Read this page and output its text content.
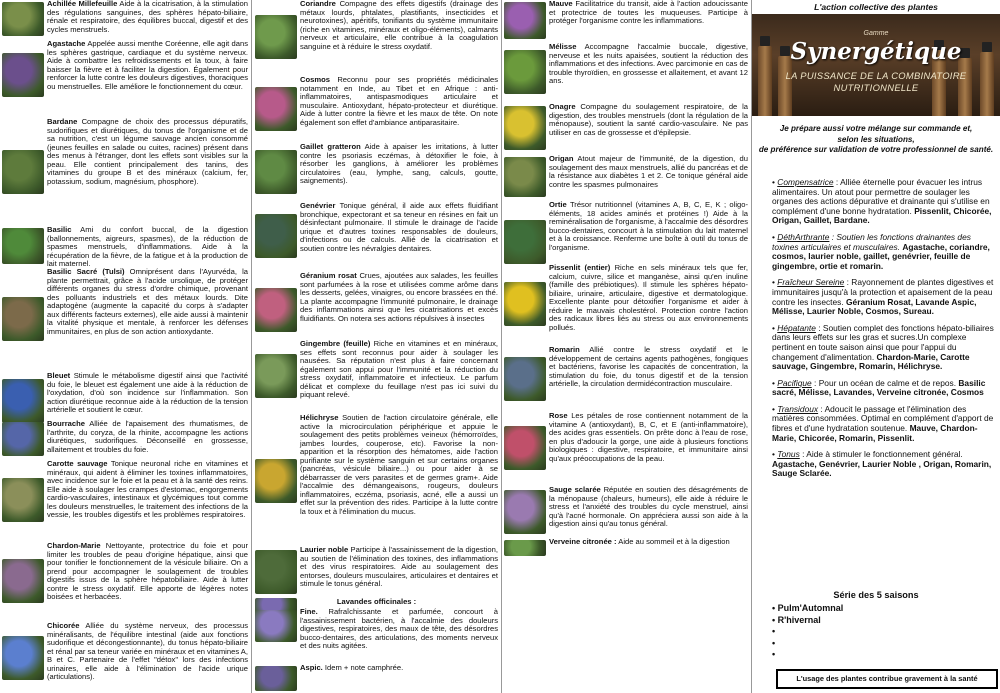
Achillée Millefeuille Aide à la cicatrisation, à la stimulation des régulations sanguines, des sphères hépato-biliaire, rénale et respiratoire, des équilibres buccal, digestif et des cycles menstruels.
Agastache Appelée aussi menthe Coréenne, elle agit dans les sphères gastrique, cardiaque et du système nerveux. Aide à combattre les refroidissements et la toux, à faire baisser la fièvre et à faciliter la digestion. Également pour renforcer la lutte contre les douleurs digestives, thoraciques ou menstruelles. Elle améliore le fonctionnement du cœur.
Bardane Compagne de choix des processus dépuratifs, sudorifiques et diurétiques, du tonus de l'organisme et de sa nutrition, c'est un légume sauvage ancien consommé (jeunes feuilles en salade ou cuites, racines) présent dans des menus à l'étranger, dont les effets sont visibles sur la peau. Elle contient principalement des tanins, des vitamines du groupe B et des minéraux (calcium, fer, potassium, sodium, magnésium, phosphore).
Basilic Ami du confort buccal, de la digestion (ballonnements, aigreurs, spasmes), de la réduction de spasmes menstruels, d'inflammations. Aide à la récupération de la fièvre, de la fatigue et à la production de lait maternel.
Basilic Sacré (Tulsi) Omniprésent dans l'Ayurvéda, la plante permettrait, grâce à l'acide ursolique, de protéger différents organes du stress d'ordre chimique, provenant des polluants industriels et des métaux lourds. Dite adaptogène (augmente la capacité du corps à s'adapter aux différents facteurs externes), elle aide aussi à maintenir la vitalité physique et mentale, à renforcer les défenses immunitaires, en plus de son action antioxydante.
Bleuet Stimule le métabolisme digestif ainsi que l'activité du foie, le bleuet est également une aide à la réduction de l'oxydation, d'où son incidence sur l'inflammation. Son action diurétique reconnue aide à la réduction de la tension artérielle et soutient le cœur.
Bourrache Alliée de l'apaisement des rhumatismes, de l'arthrite, du coryza, de la rhinite, accompagne les actions diurétiques, sudorifiques. Déconseillé en grossesse, allaitement et troubles du foie.
Carotte sauvage Tonique neuronal riche en vitamines et minéraux, qui aident à éliminer les toxines inflammatoires, avec incidence sur le foie et la peau et à la santé des reins. Elle aide à soulager les crampes d'estomac, engorgements cardio-vasculaires, intestinaux et glycémiques tout comme les douleurs menstruelles, le traitement des infections de la vessie, les troubles digestifs et les problèmes respiratoires.
Chardon-Marie Nettoyante, protectrice du foie et pour limiter les troubles de peau d'origine hépatique, ainsi que pour tonifier le fonctionnement de la vésicule biliaire. On a prend pour accompagner le soulagement de troubles digestifs issus de la sphère hépatobiliaire. Aide à lutter contre le stress oxydatif. Elle apporte de légères notes boisées et herbacées.
Chicorée Alliée du système nerveux, des processus minéralisants, de l'équilibre intestinal (aide aux fonctions sudorifique et décongestionnante), du tonus hépato-biliaire et rénal par sa teneur variée en minéraux et en vitamines A, B et C. Partenaire de l'effet "détox" lors des infections urinaires, elle aide à l'élimination de l'acide urique (articulations).
Coriandre Compagne des effets digestifs (drainage des métaux lourds, phtalates, plastifiants, insecticides et neurotoxines), apéritifs, tonifiants du système immunitaire (riche en vitamines, minéraux et oligo-éléments), calmants nerveux et articulaire, elle contribue à la coagulation sanguine et à réduire le stress oxydatif.
Cosmos Reconnu pour ses propriétés médicinales notamment en Inde, au Tibet et en Afrique : anti-inflammatoires, antispasmodiques articulaire et musculaire. Antioxydant, hépato-protecteur et diurétique. Aide à lutter contre la fièvre et les maux de tête. On note également son effet d'ambiance antiparasitaire.
Gaillet gratteron Aide à apaiser les irritations, à lutter contre les psoriasis eczémas, à détoxifier le foie, à résorber les ganglions, à améliorer les problèmes circulatoires (eau, lymphe, sang, calculs, goutte, saignements).
Genévrier Tonique général, il aide aux effets fluidifiant bronchique, expectorant et sa teneur en résines en fait un désinfectant pulmonaire. Il stimule le drainage de l'acide urique et d'autres toxines responsables de douleurs, d'infections ou de calculs. Allié de la cicatrisation et soutien contre les névralgies dentaires.
Géranium rosat Crues, ajoutées aux salades, les feuilles sont parfumées à la rose et utilisées comme arôme dans les desserts, gelées, vinaigres, ou encore brassées en thé. La plante accompagne l'immunité pulmonaire, le drainage des inflammations ainsi que les cicatrisations et excès fluidifiants. On notera ses actions répulsives à insectes
Gingembre (feuille) Riche en vitamines et en minéraux, ses effets sont reconnus pour aider à soulager les nausées. Sa réputation n'est plus à faire concernant également son appui pour l'immunité et la réduction du stress oxydatif, inflammatoire et infectieux. Le parfum délicat et complexe du feuillage n'est pas ici suivi du piquant relevé.
Hélichryse Soutien de l'action circulatoire générale, elle active la microcirculation périphérique et appuie le soulagement des petits problèmes veineux (hémorroïdes, jambes lourdes, couperose, etc). Favorise la non-apparition et la résorption des hématomes, aide l'action purifiante sur le système sanguin et sur certains organes (pancréas, vésicule biliaire...) ou pour aider à se débarrasser de vers parasites et de germes gram+. Aide l'accalmie des démangeaisons, rougeurs, douleurs inflammatoires, eczéma, psoriasis, acné, elle a aussi un effet sur la prévention des rides. Participe à la lutte contre la toux et à l'élimination du mucus.
Laurier noble Participe à l'assainissement de la digestion, au soutien de l'élimination des toxines, des inflammations et des virus respiratoires. Aide au soulagement des entorses, douleurs musculaires, articulaires et dentaires et stimule le tonus général.
Lavandes officinales :
Fine. Rafraîchissante et parfumée, concourt à l'assainissement bactérien, à l'accalmie des douleurs digestives, respiratoires, des maux de tête, des désordres bucco-dentaires, des articulations, des moments nerveux et des nuits agitées.
Aspic. Idem + note camphrée.
Mauve Facilitatrice du transit, aide à l'action adoucissante et protectrice de toutes les muqueuses. Participe à protéger l'organisme contre les inflammations.
Mélisse Accompagne l'accalmie buccale, digestive, nerveuse et les nuits apaisées, soutient la réduction des inflammations et des infections. Avec parcimonie en cas de trouble thyroïdien, en grossesse et allaitement, et avant 12 ans.
Onagre Compagne du soulagement respiratoire, de la digestion, des troubles menstruels (dont la régulation de la ménopause), soutient la santé cardio-vasculaire. Ne pas utiliser en cas de grossesse et d'épilepsie.
Origan Atout majeur de l'immunité, de la digestion, du soulagement des maux menstruels, allié du pancréas et de la résistance aux diabètes 1 et 2. Ce tonique général aide contre les spasmes pulmonaires
Ortie Trésor nutritionnel (vitamines A, B, C, E, K ; oligo-éléments, 18 acides aminés et protéines !) Aide à la reminéralisation de l'organisme, à l'accalmie des désordres bucco-dentaires, concourt à la stimulation du lait maternel et à la croissance. Renferme une boîte à outil du tonus de l'organisme.
Pissenlit (entier) Riche en sels minéraux tels que fer, calcium, cuivre, silice et manganèse, ainsi qu'en inuline (famille des prébiotiques). Il stimule les sphères hépato-biliaire, urinaire, articulaire, digestive et dermatologique. Excellente plante pour détoxifier l'organisme et aider à réduire le mauvais cholestérol. Protection contre l'action des radicaux libres liés au stress ou aux environnements pollués.
Romarin Allié contre le stress oxydatif et le développement de certains agents pathogènes, fongiques et bactériens, favorise les capacités de concentration, la stimulation du foie, du tonus digestif et de la tension artérielle, la circulation dermidécontraction musculaire.
Rose Les pétales de rose contiennent notamment de la vitamine A (antioxydant), B, C, et E (anti-inflammatoire), des acides gras essentiels. On prête donc à l'eau de rose, en plus d'adoucir la gorge, une aide à plusieurs fonctions biologiques : digestive, respiratoire, et immunitaire ainsi qu'aux préoccupations de la peau.
Sauge sclarée Réputée en soutien des désagréments de la ménopause (chaleurs, humeurs), elle aide à réduire le stress et l'anxiété des troubles du cycle menstruel, ainsi qu'à l'acné hormonale. On appréciera aussi son aide à la digestion ainsi qu'au tonus général.
Verveine citronée : Aide au sommeil et à la digestion
L'action collective des plantes
Gamme
Synergétique
LA PUISSANCE DE LA COMBINATOIRE
NUTRITIONNELLE
Je prépare aussi votre mélange sur commande et,
selon les situations,
de préférence sur validation de votre professionnel de santé.

• Compensatrice : Alliée éternelle pour évacuer les intrus alimentaires. Un atout pour permettre de soulager les organes des actions dépurative et drainante qui s'utilise en complément d'une bonne hydratation. Pissenlit, Chicorée, Origan, Gaillet, Bardane.

• DéthArthrante : Soutien les fonctions drainantes des toxines articulaires et musculaires. Agastache, coriandre, cosmos, laurier noble, gaillet, genévrier, feuille de gingembre, ortie et romarin.

• Fraîcheur Sereine : Rayonnement de plantes digestives et immunitaires jusqu'à la protection et apaisement de la peau contre les insectes. Géranium Rosat, Lavande Aspic, Mélisse, Laurier Noble, Cosmos, Sureau.

• Hépatante : Soutien complet des fonctions hépato-biliaires dans leurs effets sur les gras et sucres.Un complexe pertinent en toute saison ainsi que pour l'appui du changement d'alimentation. Chardon-Marie, Carotte sauvage, Gingembre, Romarin, Hélichryse.

• Pacifique : Pour un océan de calme et de repos. Basilic sacré, Mélisse, Lavandes, Verveine citronée, Cosmos

• Transidoux : Adoucit le passage et l'élimination des matières consommées. Optimal en complément d'apport de fibres et d'une hydratation soutenue. Mauve, Chardon-Marie, Chicorée, Romarin, Pissenlit.

• Tonus : Aide à stimuler le fonctionnement général. Agastache, Genévrier, Laurier Noble , Origan, Romarin, Sauge Sclarée.

Série des 5 saisons
• Pulm'Automnal
• R'hivernal
•
•
•
L'usage des plantes contribue gravement à la santé
